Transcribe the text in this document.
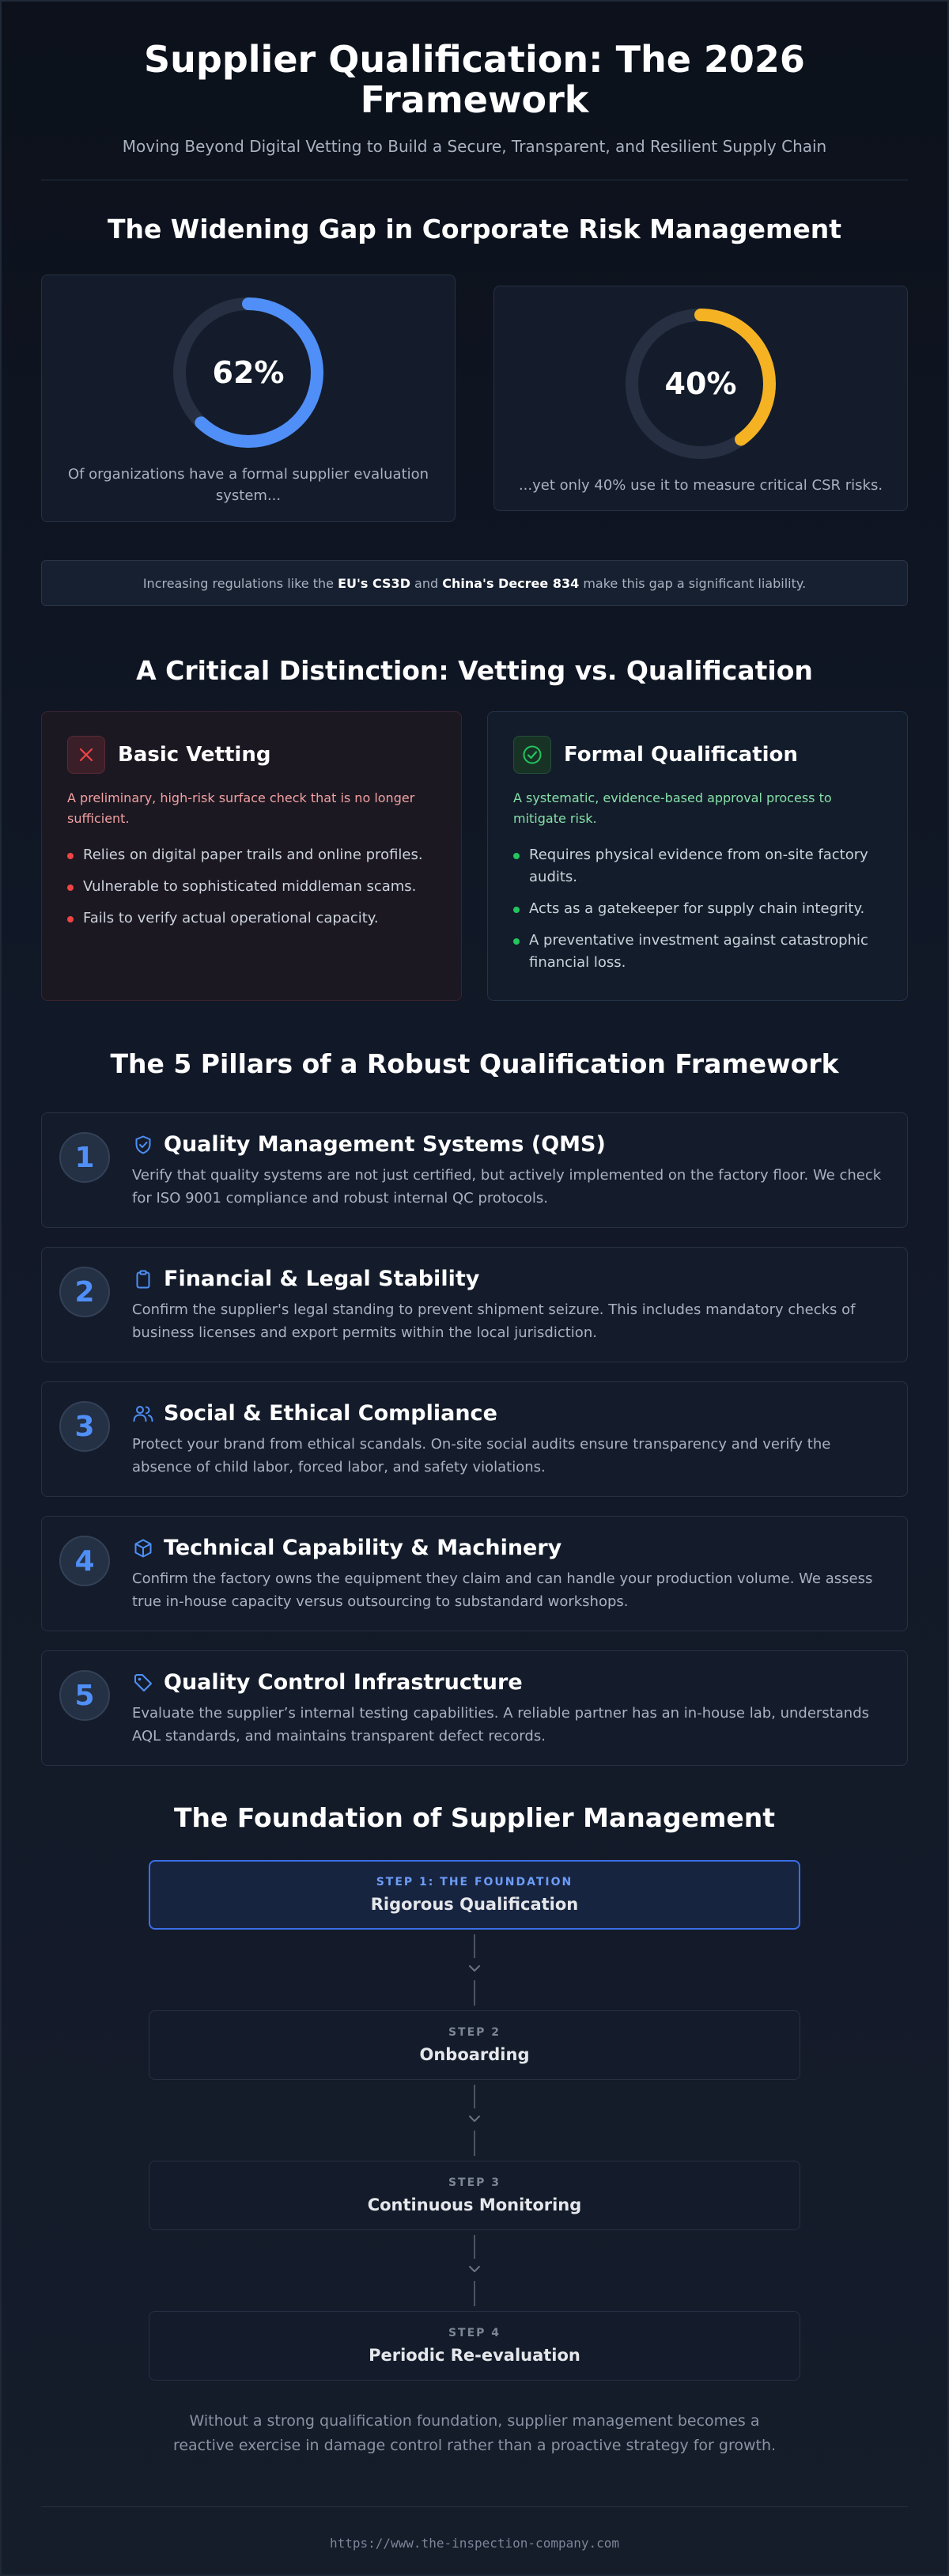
Supplier Qualification: The 2026 Framework

Moving Beyond Digital Vetting to Build a Secure, Transparent, and Resilient Supply Chain

The Widening Gap in Corporate Risk Management
62%

Of organizations have a formal supplier evaluation system...

40%

...yet only 40% use it to measure critical CSR risks.

Increasing regulations like the EU's CS3D and China's Decree 834 make this gap a significant liability.
A Critical Distinction: Vetting vs. Qualification
Basic Vetting

A preliminary, high-risk surface check that is no longer sufficient.

Relies on digital paper trails and online profiles.
Vulnerable to sophisticated middleman scams.
Fails to verify actual operational capacity.
Formal Qualification

A systematic, evidence-based approval process to mitigate risk.

Requires physical evidence from on-site factory audits.
Acts as a gatekeeper for supply chain integrity.
A preventative investment against catastrophic financial loss.
The 5 Pillars of a Robust Qualification Framework
1	Quality Management Systems (QMS)

Verify that quality systems are not just certified, but actively implemented on the factory floor. We check for ISO 9001 compliance and robust internal QC protocols.

2	Financial & Legal Stability

Confirm the supplier's legal standing to prevent shipment seizure. This includes mandatory checks of business licenses and export permits within the local jurisdiction.

3	Social & Ethical Compliance

Protect your brand from ethical scandals. On-site social audits ensure transparency and verify the absence of child labor, forced labor, and safety violations.

4	Technical Capability & Machinery

Confirm the factory owns the equipment they claim and can handle your production volume. We assess true in-house capacity versus outsourcing to substandard workshops.

5	Quality Control Infrastructure

Evaluate the supplier’s internal testing capabilities. A reliable partner has an in-house lab, understands AQL standards, and maintains transparent defect records.

The Foundation of Supplier Management
STEP 1: THE FOUNDATION
Rigorous Qualification
STEP 2
Onboarding
STEP 3
Continuous Monitoring
STEP 4
Periodic Re-evaluation

Without a strong qualification foundation, supplier management becomes a reactive exercise in damage control rather than a proactive strategy for growth.

https://www.the-inspection-company.com
